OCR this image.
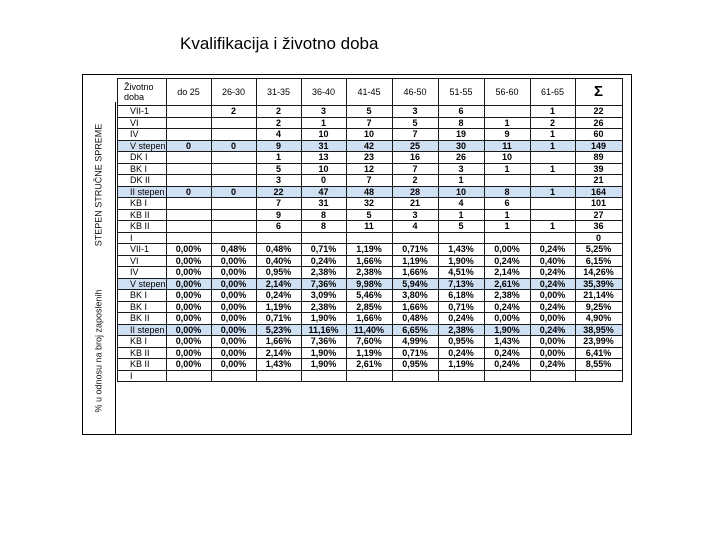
Kvalifikacija i životno doba
STEPEN STRUČNE SPREME
% u odnosu na broj zaposlenih
Životno
doba	do 25	26-30	31-35	36-40	41-45	46-50	51-55	56-60	61-65	Σ
VII-1		2	2	3	5	3	6		1	22
VI			2	1	7	5	8	1	2	26
IV			4	10	10	7	19	9	1	60
V stepen	0	0	9	31	42	25	30	11	1	149
DK I			1	13	23	16	26	10		89
BK I			5	10	12	7	3	1	1	39
DK II			3	0	7	2	1			21
II stepen	0	0	22	47	48	28	10	8	1	164
KB I			7	31	32	21	4	6		101
KB II			9	8	5	3	1	1		27
KB II			6	8	11	4	5	1	1	36
I										0
VII-1	0,00%	0,48%	0,48%	0,71%	1,19%	0,71%	1,43%	0,00%	0,24%	5,25%
VI	0,00%	0,00%	0,40%	0,24%	1,66%	1,19%	1,90%	0,24%	0,40%	6,15%
IV	0,00%	0,00%	0,95%	2,38%	2,38%	1,66%	4,51%	2,14%	0,24%	14,26%
V stepen	0,00%	0,00%	2,14%	7,36%	9,98%	5,94%	7,13%	2,61%	0,24%	35,39%
BK I	0,00%	0,00%	0,24%	3,09%	5,46%	3,80%	6,18%	2,38%	0,00%	21,14%
BK I	0,00%	0,00%	1,19%	2,38%	2,85%	1,66%	0,71%	0,24%	0,24%	9,25%
BK II	0,00%	0,00%	0,71%	1,90%	1,66%	0,48%	0,24%	0,00%	0,00%	4,90%
II stepen	0,00%	0,00%	5,23%	11,16%	11,40%	6,65%	2,38%	1,90%	0,24%	38,95%
KB I	0,00%	0,00%	1,66%	7,36%	7,60%	4,99%	0,95%	1,43%	0,00%	23,99%
KB II	0,00%	0,00%	2,14%	1,90%	1,19%	0,71%	0,24%	0,24%	0,00%	6,41%
KB II	0,00%	0,00%	1,43%	1,90%	2,61%	0,95%	1,19%	0,24%	0,24%	8,55%
I										
